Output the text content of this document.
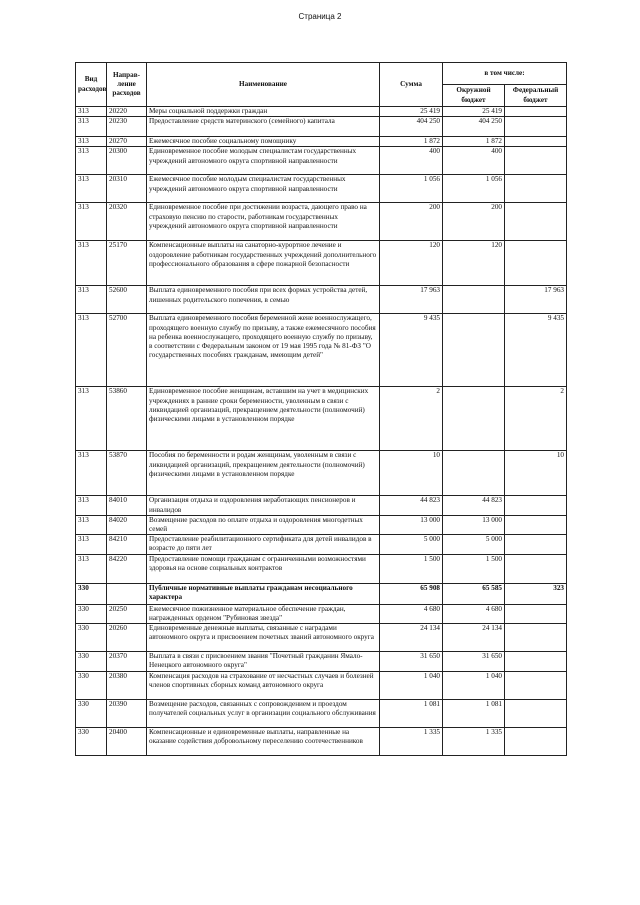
Страница 2
Вид расходов	Направ-ление расходов	Наименование	Сумма	в том числе:	
				Окружной бюджет	Федеральный бюджет
313	20220	Меры социальной поддержки граждан	25 419	25 419	
313	20230	Предоставление средств материнского (семейного) капитала	404 250	404 250	
313	20270	Ежемесячное пособие социальному помощнику	1 872	1 872	
313	20300	Единовременное пособие молодым специалистам государственных учреждений автономного округа спортивной направленности	400	400	
313	20310	Ежемесячное пособие молодым специалистам государственных учреждений автономного округа спортивной направленности	1 056	1 056	
313	20320	Единовременное пособие при достижении возраста, дающего право на страховую пенсию по старости, работникам государственных учреждений автономного округа спортивной направленности	200	200	
313	25170	Компенсационные выплаты на санаторно-курортное лечение и оздоровление работникам государственных учреждений дополнительного профессионального образования в сфере пожарной безопасности	120	120	
313	52600	Выплата единовременного пособия при всех формах устройства детей, лишенных родительского попечения, в семью	17 963		17 963
313	52700	Выплата единовременного пособия беременной жене военнослужащего, проходящего военную службу по призыву, а также ежемесячного пособия на ребенка военнослужащего, проходящего военную службу по призыву, в соответствии с Федеральным законом от 19 мая 1995 года № 81-ФЗ "О государственных пособиях гражданам, имеющим детей"	9 435		9 435
313	53860	Единовременное пособие женщинам, вставшим на учет в медицинских учреждениях в ранние сроки беременности, уволенным в связи с ликвидацией организаций, прекращением деятельности (полномочий) физическими лицами в установленном порядке	2		2
313	53870	Пособия по беременности и родам женщинам, уволенным в связи с ликвидацией организаций, прекращением деятельности (полномочий) физическими лицами в установленном порядке	10		10
313	84010	Организация отдыха и оздоровления неработающих пенсионеров и инвалидов	44 823	44 823	
313	84020	Возмещение расходов по оплате отдыха и оздоровления многодетных семей	13 000	13 000	
313	84210	Предоставление реабилитационного сертификата для детей инвалидов в возрасте до пяти лет	5 000	5 000	
313	84220	Предоставление помощи гражданам с ограниченными возможностями здоровья на основе социальных контрактов	1 500	1 500	
330		Публичные нормативные выплаты гражданам несоциального характера	65 908	65 585	323
330	20250	Ежемесячное пожизненное материальное обеспечение граждан, награжденных орденом "Рубиновая звезда"	4 680	4 680	
330	20260	Единовременные денежные выплаты, связанные с наградами автономного округа и присвоением почетных званий автономного округа	24 134	24 134	
330	20370	Выплата в связи с присвоением звания "Почетный гражданин Ямало-Ненецкого автономного округа"	31 650	31 650	
330	20380	Компенсация расходов на страхование от несчастных случаев и болезней членов спортивных сборных команд автономного округа	1 040	1 040	
330	20390	Возмещение расходов, связанных с сопровождением и проездом получателей социальных услуг в организации социального обслуживания	1 081	1 081	
330	20400	Компенсационные и единовременные выплаты, направленные на оказание содействия добровольному переселению соотечественников	1 335	1 335	
